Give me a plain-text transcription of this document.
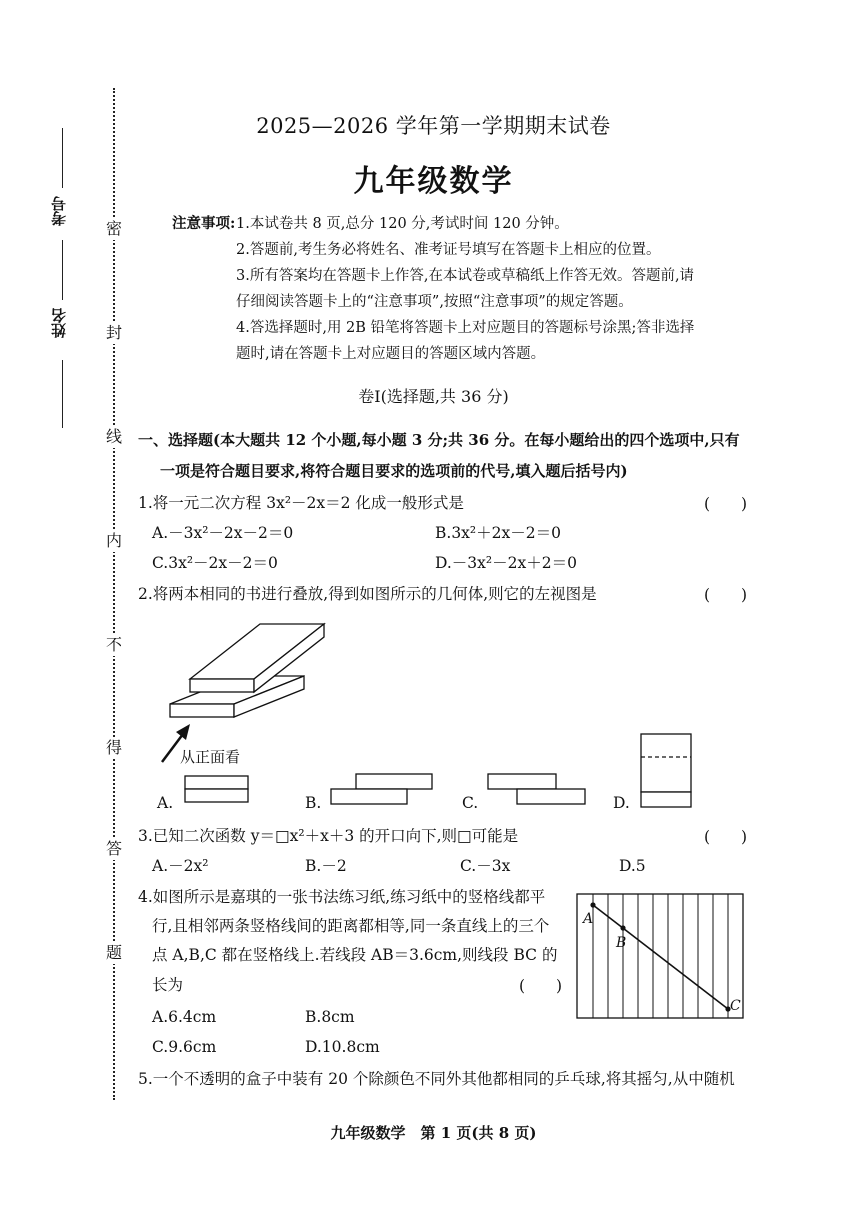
考号
姓名
密
封
线
内
不
得
答
题
2025—2026 学年第一学期期末试卷
九年级数学
注意事项: 1.本试卷共 8 页,总分 120 分,考试时间 120 分钟。
2.答题前,考生务必将姓名、准考证号填写在答题卡上相应的位置。
3.所有答案均在答题卡上作答,在本试卷或草稿纸上作答无效。答题前,请
仔细阅读答题卡上的“注意事项”,按照“注意事项”的规定答题。
4.答选择题时,用 2B 铅笔将答题卡上对应题目的答题标号涂黑;答非选择
题时,请在答题卡上对应题目的答题区域内答题。
卷Ⅰ(选择题,共 36 分)
一、选择题(本大题共 12 个小题,每小题 3 分;共 36 分。在每小题给出的四个选项中,只有
一项是符合题目要求,将符合题目要求的选项前的代号,填入题后括号内)
1.将一元二次方程 3x²－2x＝2 化成一般形式是	(　　)
A.－3x²－2x－2＝0	B.3x²＋2x－2＝0
C.3x²－2x－2＝0	D.－3x²－2x＋2＝0
2.将两本相同的书进行叠放,得到如图所示的几何体,则它的左视图是	(　　)
从正面看
A.	B.	C.	D.
3.已知二次函数 y＝□x²＋x＋3 的开口向下,则□可能是	(　　)
A.－2x²	B.－2	C.－3x	D.5
4.如图所示是嘉琪的一张书法练习纸,练习纸中的竖格线都平
行,且相邻两条竖格线间的距离都相等,同一条直线上的三个
点 A,B,C 都在竖格线上.若线段 AB＝3.6cm,则线段 BC 的
长为	(　　)
A.6.4cm	B.8cm
C.9.6cm	D.10.8cm
A
B
C
5.一个不透明的盒子中装有 20 个除颜色不同外其他都相同的乒乓球,将其摇匀,从中随机
九年级数学　第 1 页(共 8 页)
